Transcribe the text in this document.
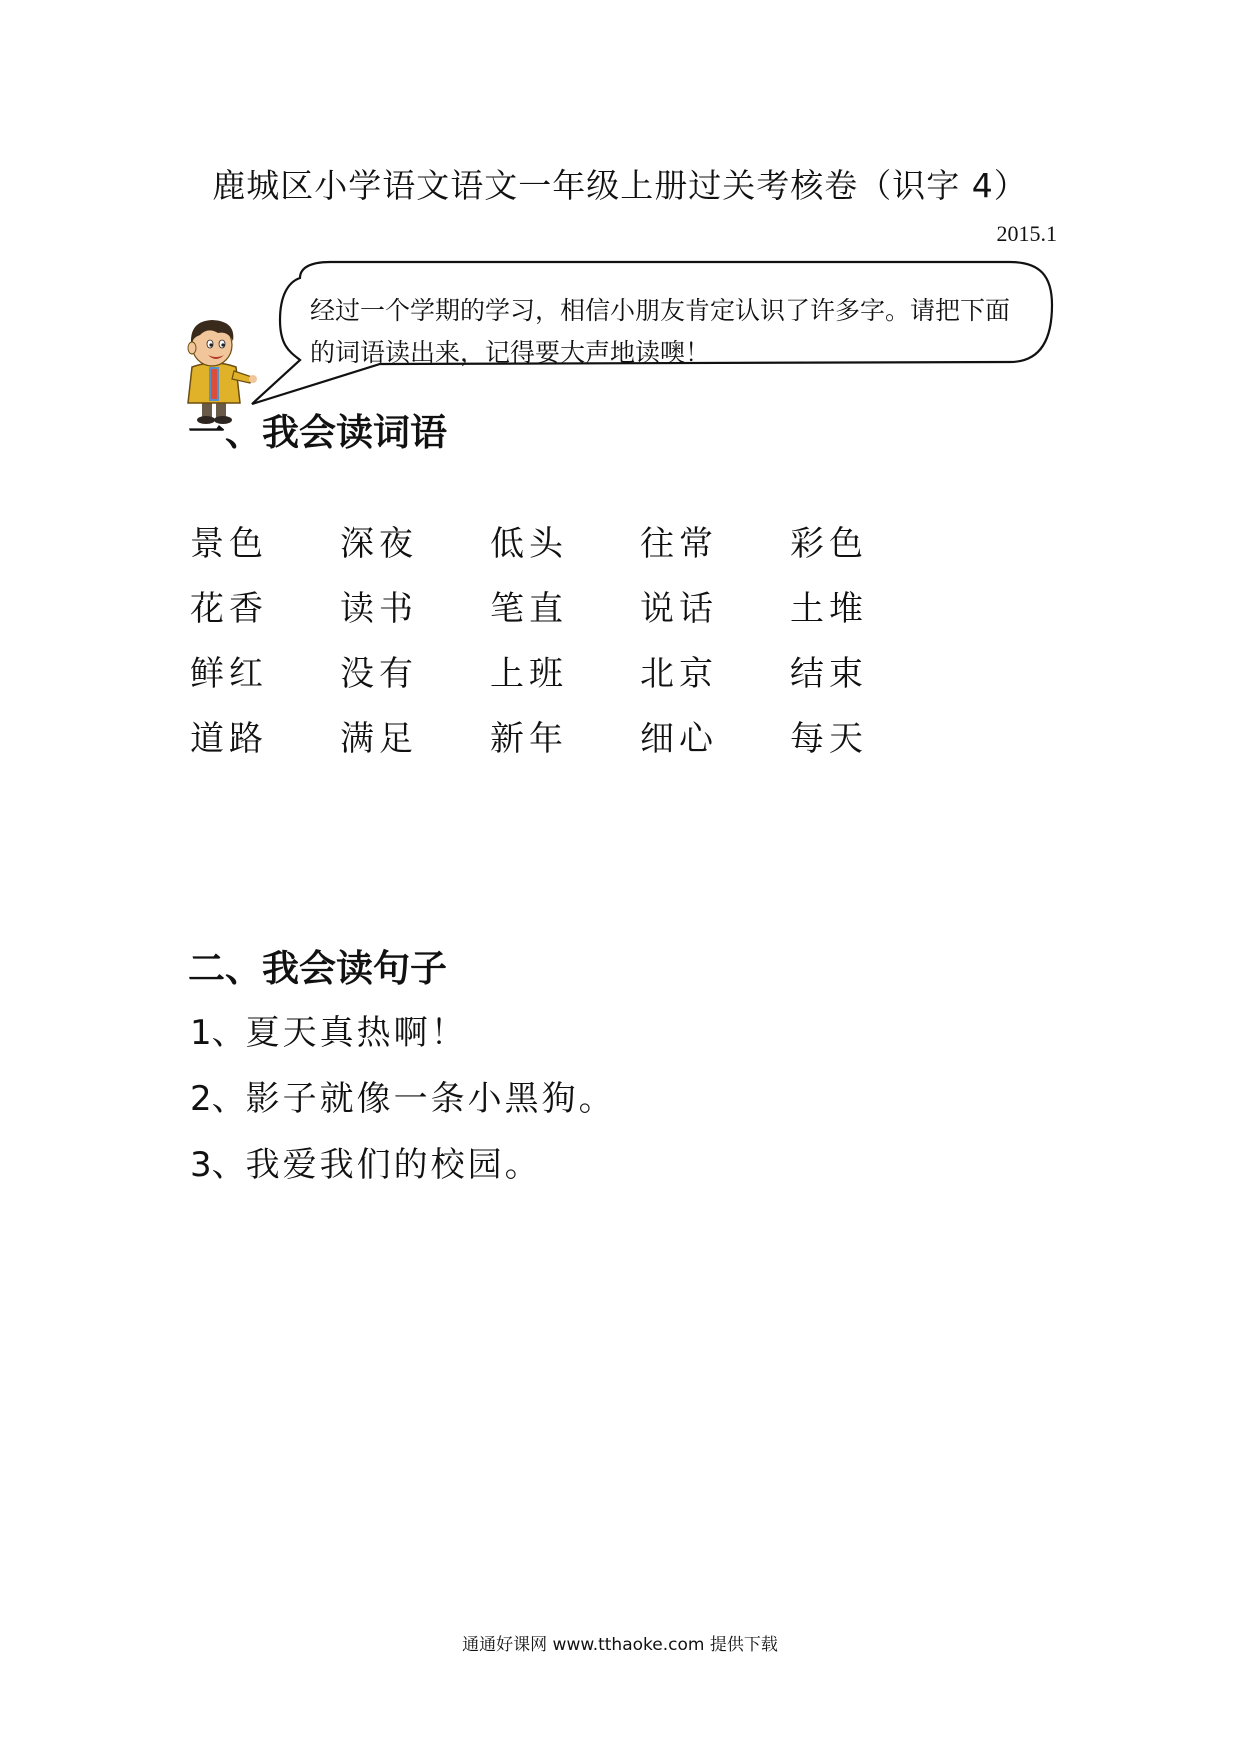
鹿城区小学语文语文一年级上册过关考核卷（识字 4）
2015.1
经过一个学期的学习，相信小朋友肯定认识了许多字。请把下面
的词语读出来，记得要大声地读噢！
一、我会读词语
景色	深夜	低头	往常	彩色
花香	读书	笔直	说话	土堆
鲜红	没有	上班	北京	结束
道路	满足	新年	细心	每天
二、我会读句子
1、夏天真热啊！
2、影子就像一条小黑狗。
3、我爱我们的校园。
通通好课网 www.tthaoke.com 提供下载
